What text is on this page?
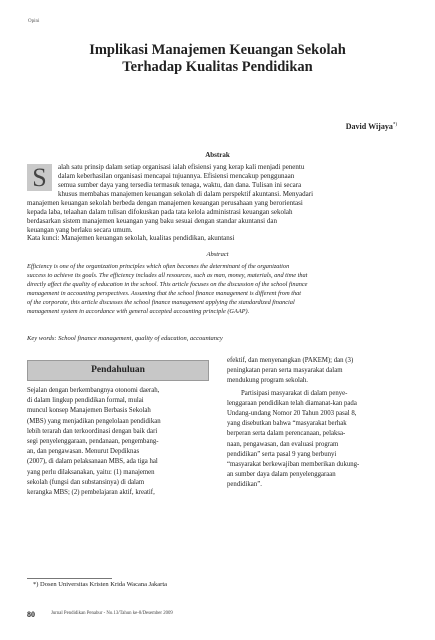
Opini
Implikasi Manajemen Keuangan Sekolah
Terhadap Kualitas Pendidikan
David Wijaya*)
Abstrak
S	alah satu prinsip dalam setiap organisasi ialah efisiensi yang kerap kali menjadi penentu
dalam keberhasilan organisasi mencapai tujuannya. Efisiensi mencakup penggunaan
semua sumber daya yang tersedia termasuk tenaga, waktu, dan dana. Tulisan ini secara
khusus membahas manajemen keuangan sekolah di dalam perspektif akuntansi. Menyadari
manajemen keuangan sekolah berbeda dengan manajemen keuangan perusahaan yang berorientasi
kepada laba, telaahan dalam tulisan difokuskan pada tata kelola administrasi keuangan sekolah
berdasarkan sistem manajemen keuangan yang baku sesuai dengan standar akuntansi dan
keuangan yang berlaku secara umum.
Kata kunci: Manajemen keuangan sekolah, kualitas pendidikan, akuntansi
Abstract
Efficiency is one of the organization principles which often becomes the determinant of the organization
success to achieve its goals. The efficiency includes all resources, such as man, money, materials, and time that
directly affect the quality of education in the school. This article focuses on the discussion of the school finance
management in accounting perspectives. Assuming that the school finance management is different from that
of the corporate, this article discusses the school finance management applying the standardized financial
management system in accordance with general accepted accounting principle (GAAP).
Key words: School finance management, quality of education, accountancy
Pendahuluan
Sejalan dengan berkembangnya otonomi daerah,
di dalam lingkup pendidikan formal, mulai
muncul konsep Manajemen Berbasis Sekolah
(MBS) yang menjadikan pengelolaan pendidikan
lebih terarah dan terkoordinasi dengan baik dari
segi penyelenggaraan, pendanaan, pengembang-
an, dan pengawasan. Menurut Depdiknas
(2007), di dalam pelaksanaan MBS, ada tiga hal
yang perlu dilaksanakan, yaitu: (1) manajemen
sekolah (fungsi dan substansinya) di dalam
kerangka MBS; (2) pembelajaran aktif, kreatif,
efektif, dan menyenangkan (PAKEM); dan (3)
peningkatan peran serta masyarakat dalam
mendukung program sekolah.
Partisipasi masyarakat di dalam penye-
lenggaraan pendidikan telah diamanat-kan pada
Undang-undang Nomor 20 Tahun 2003 pasal 8,
yang disebutkan bahwa “masyarakat berhak
berperan serta dalam perencanaan, pelaksa-
naan, pengawasan, dan evaluasi program
pendidikan” serta pasal 9 yang berbunyi
“masyarakat berkewajiban memberikan dukung-
an sumber daya dalam penyelenggaraan
pendidikan”.
*) Dosen Universitas Kristen Krida Wacana Jakarta
80	Jurnal Pendidikan Penabur - No.13/Tahun ke-8/Desember 2009
